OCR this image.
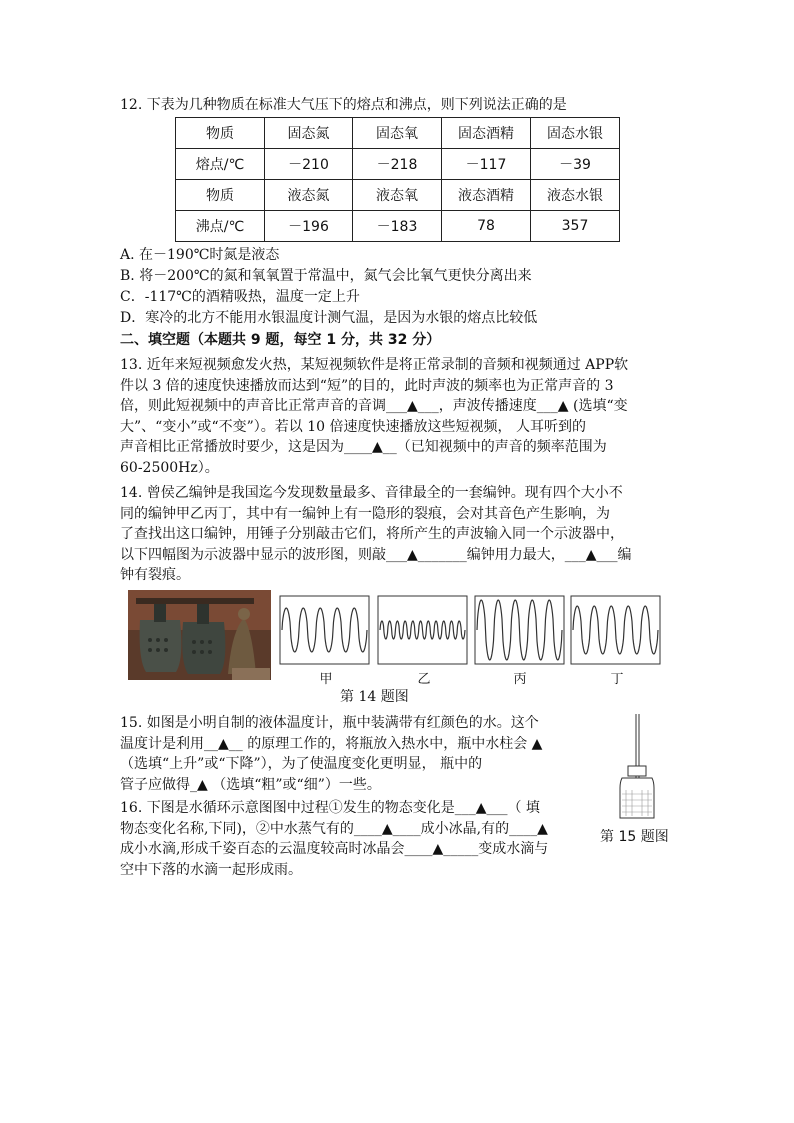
12. 下表为几种物质在标准大气压下的熔点和沸点，则下列说法正确的是
物质	固态氮	固态氧	固态酒精	固态水银
熔点/℃	－210	－218	－117	－39
物质	液态氮	液态氧	液态酒精	液态水银
沸点/℃	－196	－183	78	357
A. 在－190℃时氮是液态
B. 将－200℃的氮和氧氧置于常温中，氮气会比氧气更快分离出来
C．-117℃的酒精吸热，温度一定上升
D．寒冷的北方不能用水银温度计测气温，是因为水银的熔点比较低
二、填空题（本题共 9 题，每空 1 分，共 32 分）
13. 近年来短视频愈发火热，某短视频软件是将正常录制的音频和视频通过 APP软
件以 3 倍的速度快速播放而达到“短”的目的，此时声波的频率也为正常声音的 3
倍，则此短视频中的声音比正常声音的音调___▲___，声波传播速度___▲ (选填“变
大”、“变小”或“不变”）。若以 10 倍速度快速播放这些短视频， 人耳听到的
声音相比正常播放时要少，这是因为____▲__（已知视频中的声音的频率范围为
60-2500Hz）。
14. 曾侯乙编钟是我国迄今发现数量最多、音律最全的一套编钟。现有四个大小不
同的编钟甲乙丙丁，其中有一编钟上有一隐形的裂痕，会对其音色产生影响，为
了查找出这口编钟，用锤子分别敲击它们，将所产生的声波输入同一个示波器中，
以下四幅图为示波器中显示的波形图，则敲___▲_______编钟用力最大，___▲___编
钟有裂痕。
甲	乙	丙	丁
第 14 题图
15. 如图是小明自制的液体温度计，瓶中装满带有红颜色的水。这个
温度计是利用__▲__ 的原理工作的，将瓶放入热水中，瓶中水柱会 ▲
（选填“上升”或“下降”），为了使温度变化更明显， 瓶中的
管子应做得_▲ （选填“粗”或“细”）一些。
16. 下图是水循环示意图图中过程①发生的物态变化是___▲___（ 填
物态变化名称,下同)，②中水蒸气有的____▲____成小冰晶,有的____▲
成小水滴,形成千姿百态的云温度较高时冰晶会____▲_____变成水滴与
空中下落的水滴一起形成雨。
第 15 题图
